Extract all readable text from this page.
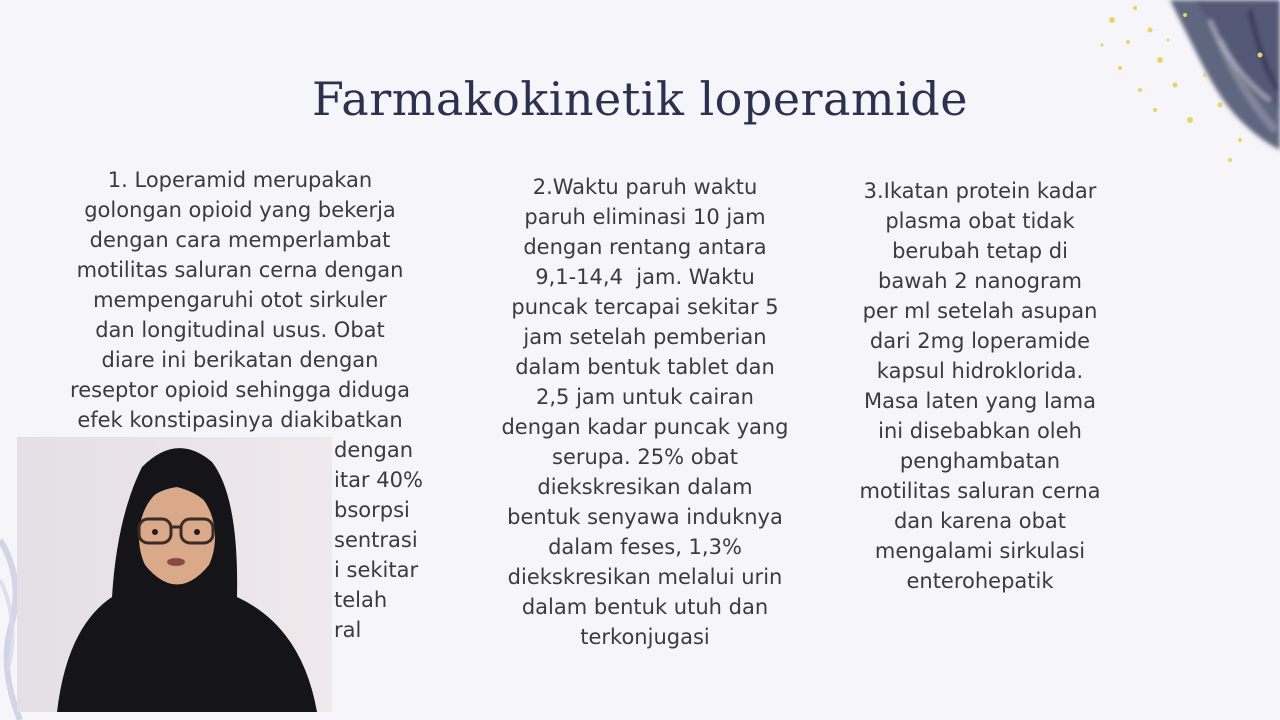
Farmakokinetik loperamide
1. Loperamid merupakan
golongan opioid yang bekerja
dengan cara memperlambat
motilitas saluran cerna dengan
mempengaruhi otot sirkuler
dan longitudinal usus. Obat
diare ini berikatan dengan
reseptor opioid sehingga diduga
efek konstipasinya diakibatkan
dengan
itar 40%
bsorpsi
sentrasi
i sekitar
telah
ral
2.Waktu paruh waktu
paruh eliminasi 10 jam
dengan rentang antara
9,1-14,4  jam. Waktu
puncak tercapai sekitar 5
jam setelah pemberian
dalam bentuk tablet dan
2,5 jam untuk cairan
dengan kadar puncak yang
serupa. 25% obat
diekskresikan dalam
bentuk senyawa induknya
dalam feses, 1,3%
diekskresikan melalui urin
dalam bentuk utuh dan
terkonjugasi
3.Ikatan protein kadar
plasma obat tidak
berubah tetap di
bawah 2 nanogram
per ml setelah asupan
dari 2mg loperamide
kapsul hidroklorida.
Masa laten yang lama
ini disebabkan oleh
penghambatan
motilitas saluran cerna
dan karena obat
mengalami sirkulasi
enterohepatik
